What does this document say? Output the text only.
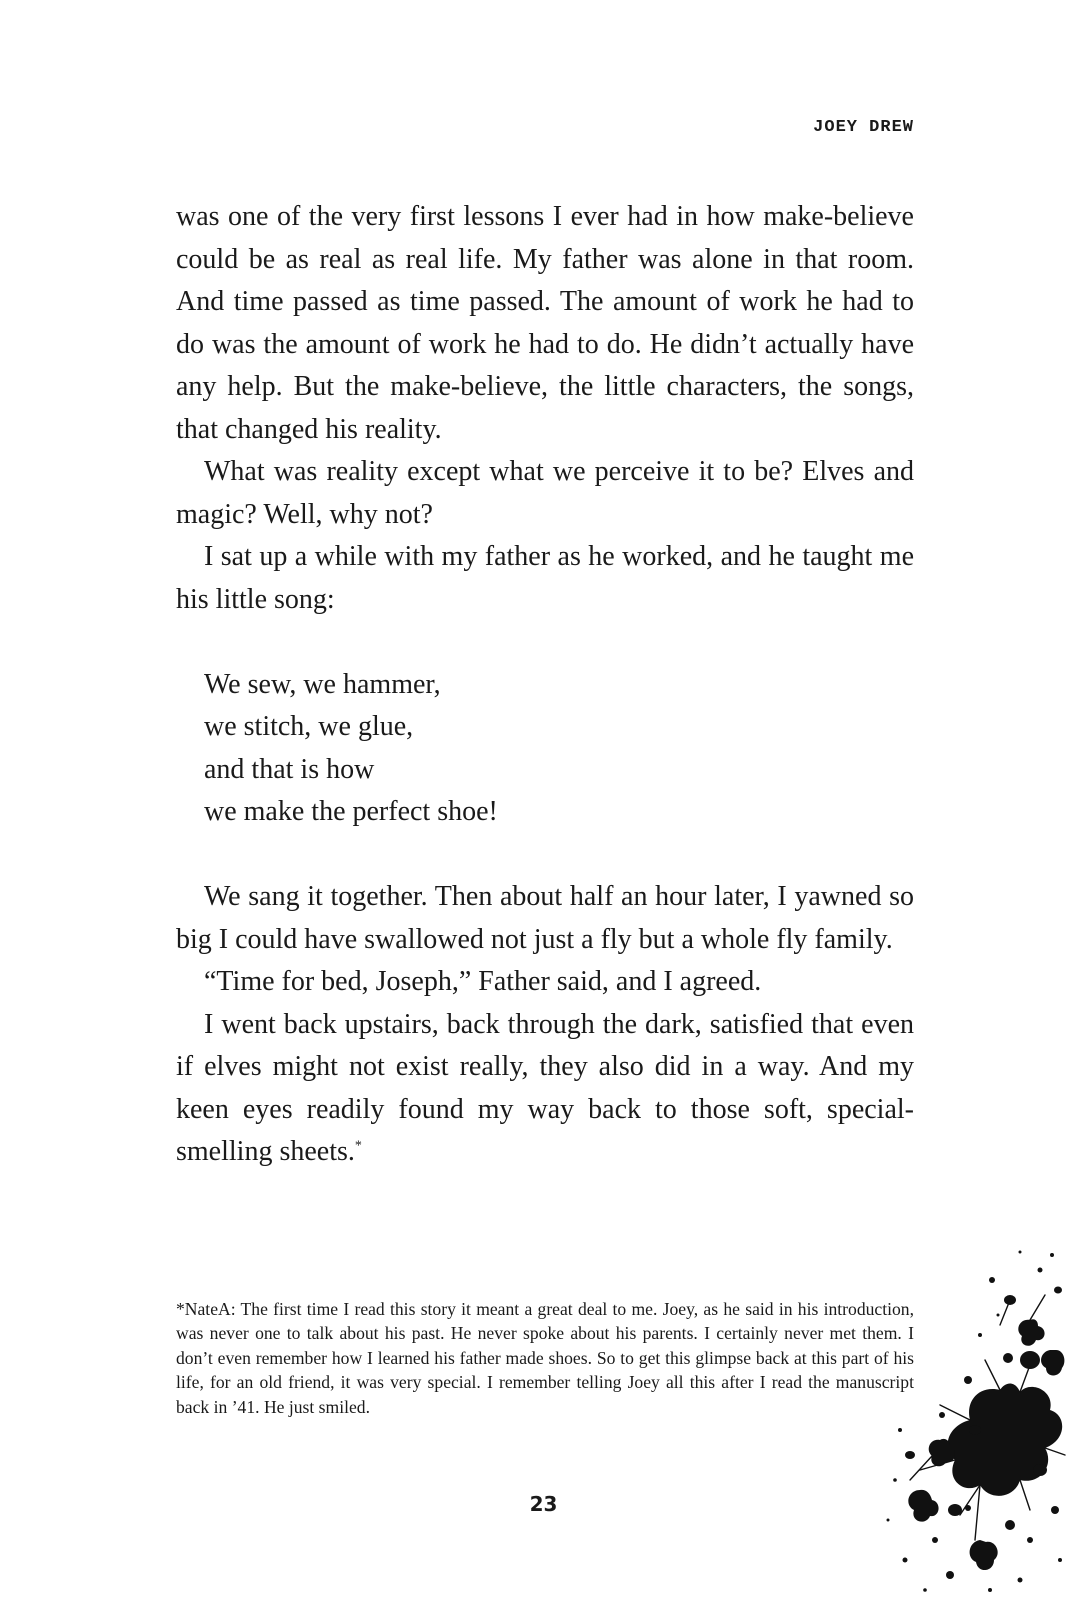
JOEY DREW

was one of the very first lessons I ever had in how make-believe could be as real as real life. My father was alone in that room. And time passed as time passed. The amount of work he had to do was the amount of work he had to do. He didn’t actually have any help. But the make-believe, the little characters, the songs, that changed his reality.

What was reality except what we perceive it to be? Elves and magic? Well, why not?

I sat up a while with my father as he worked, and he taught me his little song:

We sew, we hammer,
we stitch, we glue,
and that is how
we make the perfect shoe!

We sang it together. Then about half an hour later, I yawned so big I could have swallowed not just a fly but a whole fly family.

“Time for bed, Joseph,” Father said, and I agreed.

I went back upstairs, back through the dark, satisfied that even if elves might not exist really, they also did in a way. And my keen eyes readily found my way back to those soft, special-smelling sheets.*

*NateA: The first time I read this story it meant a great deal to me. Joey, as he said in his introduction, was never one to talk about his past. He never spoke about his parents. I certainly never met them. I don’t even remember how I learned his father made shoes. So to get this glimpse back at this part of his life, for an old friend, it was very special. I remember telling Joey all this after I read the manuscript back in ’41. He just smiled.
23
